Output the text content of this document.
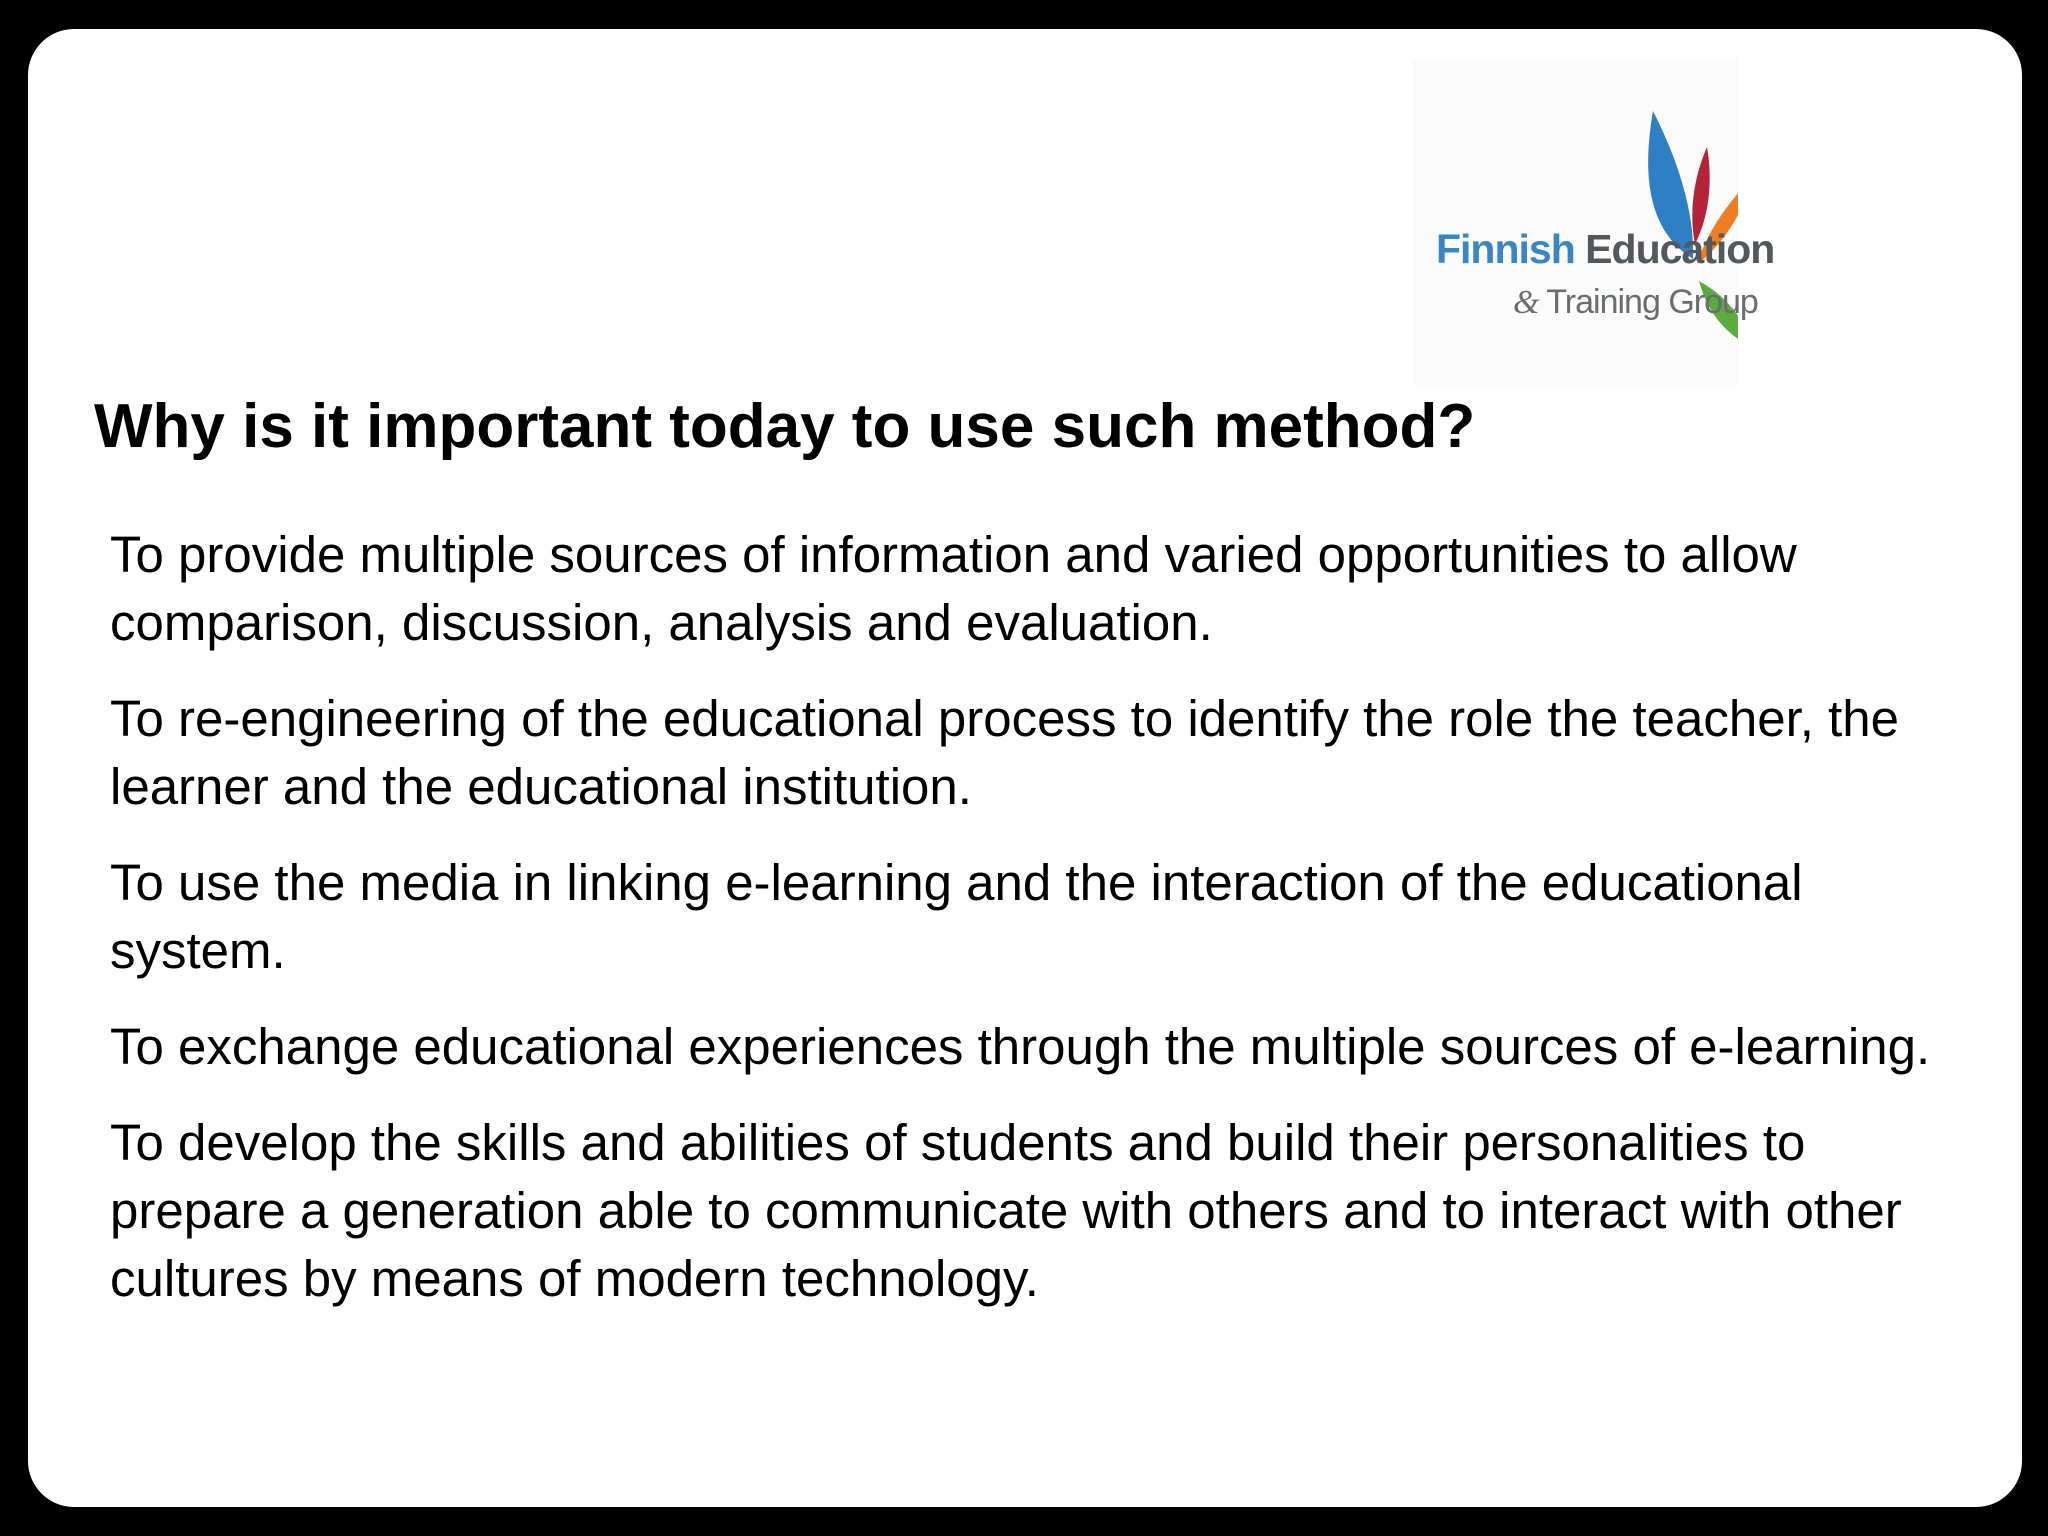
Finnish Education
& Training Group
Why is it important today to use such method?
To provide multiple sources of information and varied opportunities to allow comparison, discussion, analysis and evaluation.
To re-engineering of the educational process to identify the role the teacher, the learner and the educational institution.
To use the media in linking e-learning and the interaction of the educational system.
To exchange educational experiences through the multiple sources of e-learning.
To develop the skills and abilities of students and build their personalities to prepare a generation able to communicate with others and to interact with other cultures by means of modern technology.
